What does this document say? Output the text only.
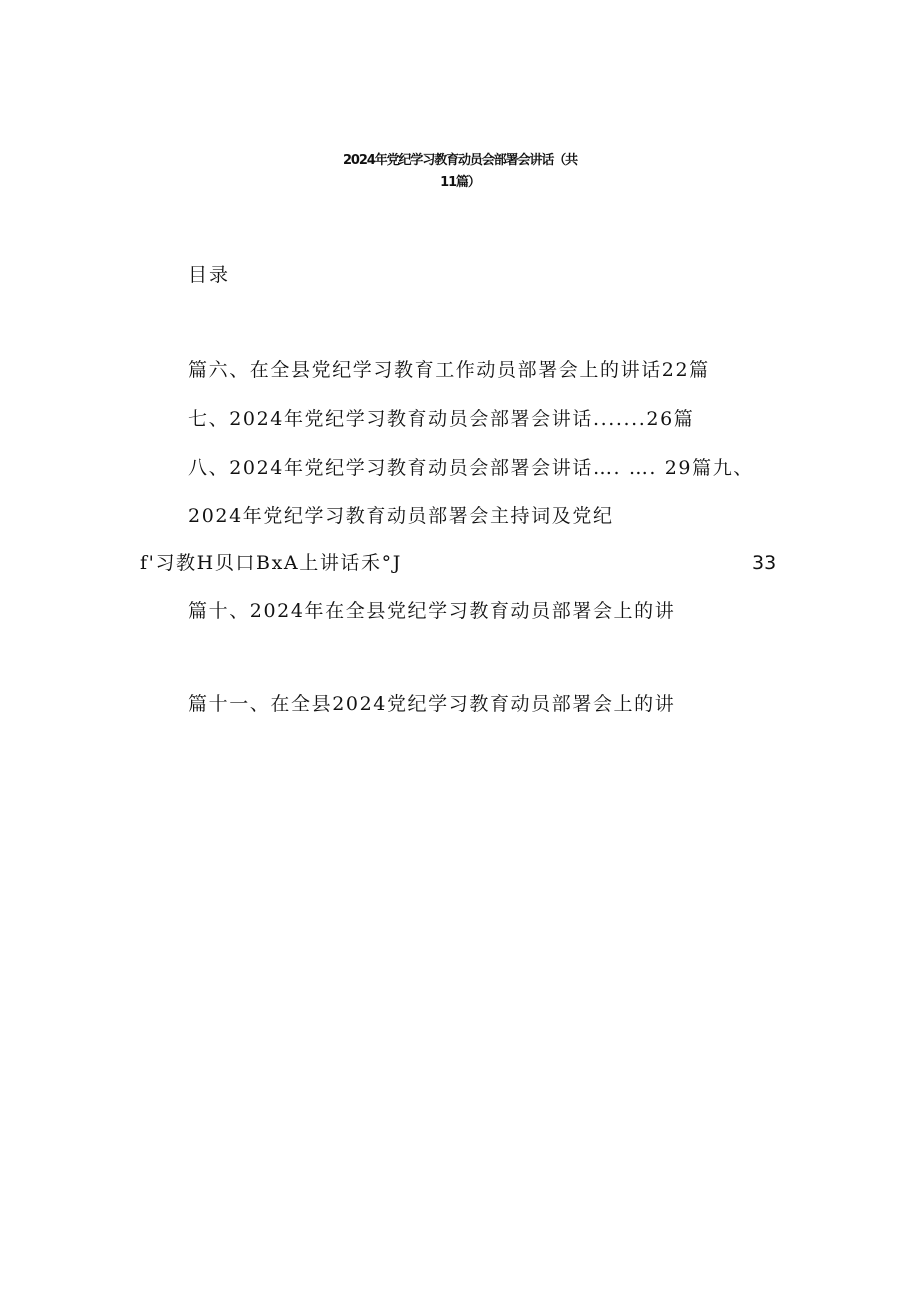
2024年党纪学习教育动员会部署会讲话（共
11篇）
目录
篇六、在全县党纪学习教育工作动员部署会上的讲话22篇
七、2024年党纪学习教育动员会部署会讲话.......26篇
八、2024年党纪学习教育动员会部署会讲话…. …. 29篇九、
2024年党纪学习教育动员部署会主持词及党纪
f'习教H贝口BxA上讲话禾°J	33
篇十、2024年在全县党纪学习教育动员部署会上的讲
篇十一、在全县2024党纪学习教育动员部署会上的讲
